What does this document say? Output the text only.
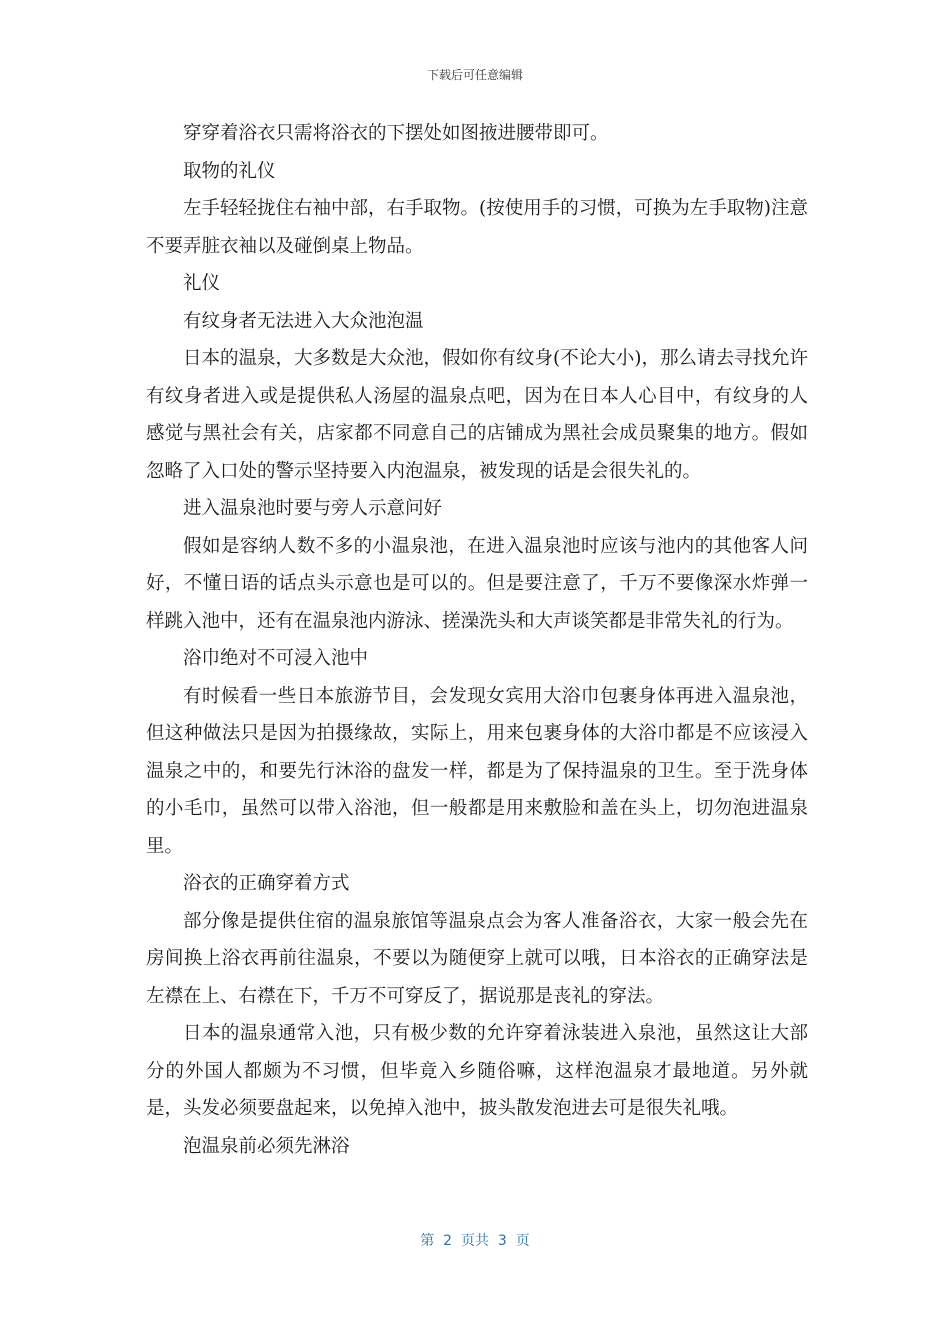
下载后可任意编辑

穿穿着浴衣只需将浴衣的下摆处如图掖进腰带即可。

取物的礼仪

左手轻轻拢住右袖中部，右手取物。(按使用手的习惯，可换为左手取物)注意不要弄脏衣袖以及碰倒桌上物品。

礼仪

有纹身者无法进入大众池泡温

日本的温泉，大多数是大众池，假如你有纹身(不论大小)，那么请去寻找允许有纹身者进入或是提供私人汤屋的温泉点吧，因为在日本人心目中，有纹身的人感觉与黑社会有关，店家都不同意自己的店铺成为黑社会成员聚集的地方。假如忽略了入口处的警示坚持要入内泡温泉，被发现的话是会很失礼的。

进入温泉池时要与旁人示意问好

假如是容纳人数不多的小温泉池，在进入温泉池时应该与池内的其他客人问好，不懂日语的话点头示意也是可以的。但是要注意了，千万不要像深水炸弹一样跳入池中，还有在温泉池内游泳、搓澡洗头和大声谈笑都是非常失礼的行为。

浴巾绝对不可浸入池中

有时候看一些日本旅游节目，会发现女宾用大浴巾包裹身体再进入温泉池，但这种做法只是因为拍摄缘故，实际上，用来包裹身体的大浴巾都是不应该浸入温泉之中的，和要先行沐浴的盘发一样，都是为了保持温泉的卫生。至于洗身体的小毛巾，虽然可以带入浴池，但一般都是用来敷脸和盖在头上，切勿泡进温泉里。

浴衣的正确穿着方式

部分像是提供住宿的温泉旅馆等温泉点会为客人准备浴衣，大家一般会先在房间换上浴衣再前往温泉，不要以为随便穿上就可以哦，日本浴衣的正确穿法是左襟在上、右襟在下，千万不可穿反了，据说那是丧礼的穿法。

日本的温泉通常入池，只有极少数的允许穿着泳装进入泉池，虽然这让大部分的外国人都颇为不习惯，但毕竟入乡随俗嘛，这样泡温泉才最地道。另外就是，头发必须要盘起来，以免掉入池中，披头散发泡进去可是很失礼哦。

泡温泉前必须先淋浴

第  2  页共  3  页
